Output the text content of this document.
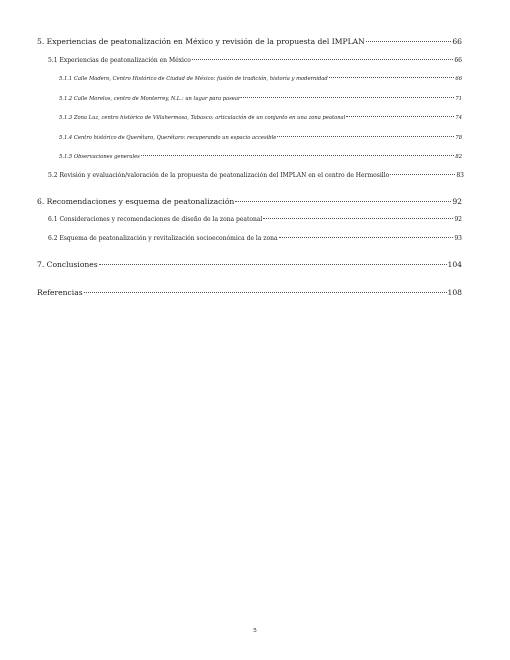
5. Experiencias de peatonalización en México y revisión de la propuesta del IMPLAN	66
5.1 Experiencias de peatonalización en México	66
5.1.1 Calle Madero, Centro Histórico de Ciudad de México: fusión de tradición, historia y modernidad	66
5.1.2 Calle Morelos, centro de Monterrey, N.L.: un lugar para pasear	71
5.1.3 Zona Luz, centro histórico de Villahermosa, Tabasco: articulación de un conjunto en una zona peatonal	74
5.1.4 Centro histórico de Querétaro, Querétaro: recuperando un espacio accesible	78
5.1.5 Observaciones generales	82
5.2 Revisión y evaluación/valoración de la propuesta de peatonalización del IMPLAN en el centro de Hermosillo	83
6. Recomendaciones y esquema de peatonalización	92
6.1 Consideraciones y recomendaciones de diseño de la zona peatonal	92
6.2 Esquema de peatonalización y revitalización socioeconómica de la zona	93
7. Conclusiones	104
Referencias	108
5
